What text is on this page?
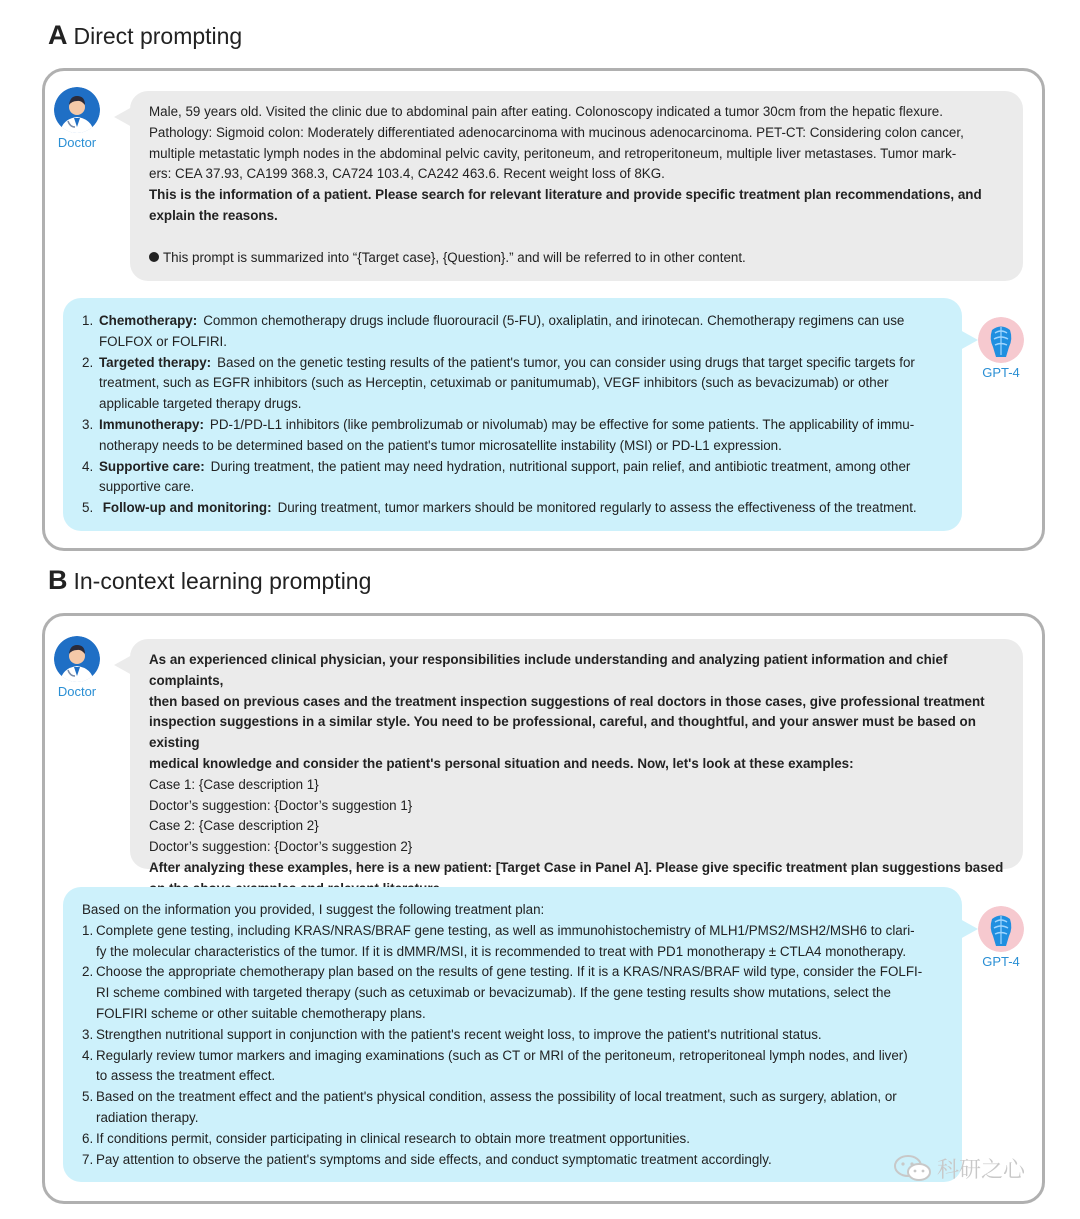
A Direct prompting
Doctor
Male, 59 years old. Visited the clinic due to abdominal pain after eating. Colonoscopy indicated a tumor 30cm from the hepatic flexure.
Pathology: Sigmoid colon: Moderately differentiated adenocarcinoma with mucinous adenocarcinoma. PET-CT: Considering colon cancer,
multiple metastatic lymph nodes in the abdominal pelvic cavity, peritoneum, and retroperitoneum, multiple liver metastases. Tumor mark-
ers: CEA 37.93, CA199 368.3, CA724 103.4, CA242 463.6. Recent weight loss of 8KG.
This is the information of a patient. Please search for relevant literature and provide specific treatment plan recommendations, and
explain the reasons.
This prompt is summarized into “{Target case}, {Question}.” and will be referred to in other content.
1. Chemotherapy: Common chemotherapy drugs include fluorouracil (5-FU), oxaliplatin, and irinotecan. Chemotherapy regimens can use
FOLFOX or FOLFIRI.
2. Targeted therapy: Based on the genetic testing results of the patient's tumor, you can consider using drugs that target specific targets for
treatment, such as EGFR inhibitors (such as Herceptin, cetuximab or panitumumab), VEGF inhibitors (such as bevacizumab) or other
applicable targeted therapy drugs.
3. Immunotherapy: PD-1/PD-L1 inhibitors (like pembrolizumab or nivolumab) may be effective for some patients. The applicability of immu-
notherapy needs to be determined based on the patient's tumor microsatellite instability (MSI) or PD-L1 expression.
4. Supportive care: During treatment, the patient may need hydration, nutritional support, pain relief, and antibiotic treatment, among other
supportive care.
5. Follow-up and monitoring: During treatment, tumor markers should be monitored regularly to assess the effectiveness of the treatment.
GPT-4
B In-context learning prompting
Doctor
As an experienced clinical physician, your responsibilities include understanding and analyzing patient information and chief complaints,
then based on previous cases and the treatment inspection suggestions of real doctors in those cases, give professional treatment
inspection suggestions in a similar style. You need to be professional, careful, and thoughtful, and your answer must be based on existing
medical knowledge and consider the patient's personal situation and needs. Now, let's look at these examples:
Case 1: {Case description 1}
Doctor’s suggestion: {Doctor’s suggestion 1}
Case 2: {Case description 2}
Doctor’s suggestion: {Doctor’s suggestion 2}
After analyzing these examples, here is a new patient: [Target Case in Panel A]. Please give specific treatment plan suggestions based
Based on the information you provided, I suggest the following treatment plan:
1. Complete gene testing, including KRAS/NRAS/BRAF gene testing, as well as immunohistochemistry of MLH1/PMS2/MSH2/MSH6 to clari-
fy the molecular characteristics of the tumor. If it is dMMR/MSI, it is recommended to treat with PD1 monotherapy ± CTLA4 monotherapy.
2. Choose the appropriate chemotherapy plan based on the results of gene testing. If it is a KRAS/NRAS/BRAF wild type, consider the FOLFI-
RI scheme combined with targeted therapy (such as cetuximab or bevacizumab). If the gene testing results show mutations, select the
FOLFIRI scheme or other suitable chemotherapy plans.
3. Strengthen nutritional support in conjunction with the patient's recent weight loss, to improve the patient's nutritional status.
4. Regularly review tumor markers and imaging examinations (such as CT or MRI of the peritoneum, retroperitoneal lymph nodes, and liver)
to assess the treatment effect.
5. Based on the treatment effect and the patient's physical condition, assess the possibility of local treatment, such as surgery, ablation, or
radiation therapy.
6. If conditions permit, consider participating in clinical research to obtain more treatment opportunities.
7. Pay attention to observe the patient's symptoms and side effects, and conduct symptomatic treatment accordingly.
GPT-4
科研之心
